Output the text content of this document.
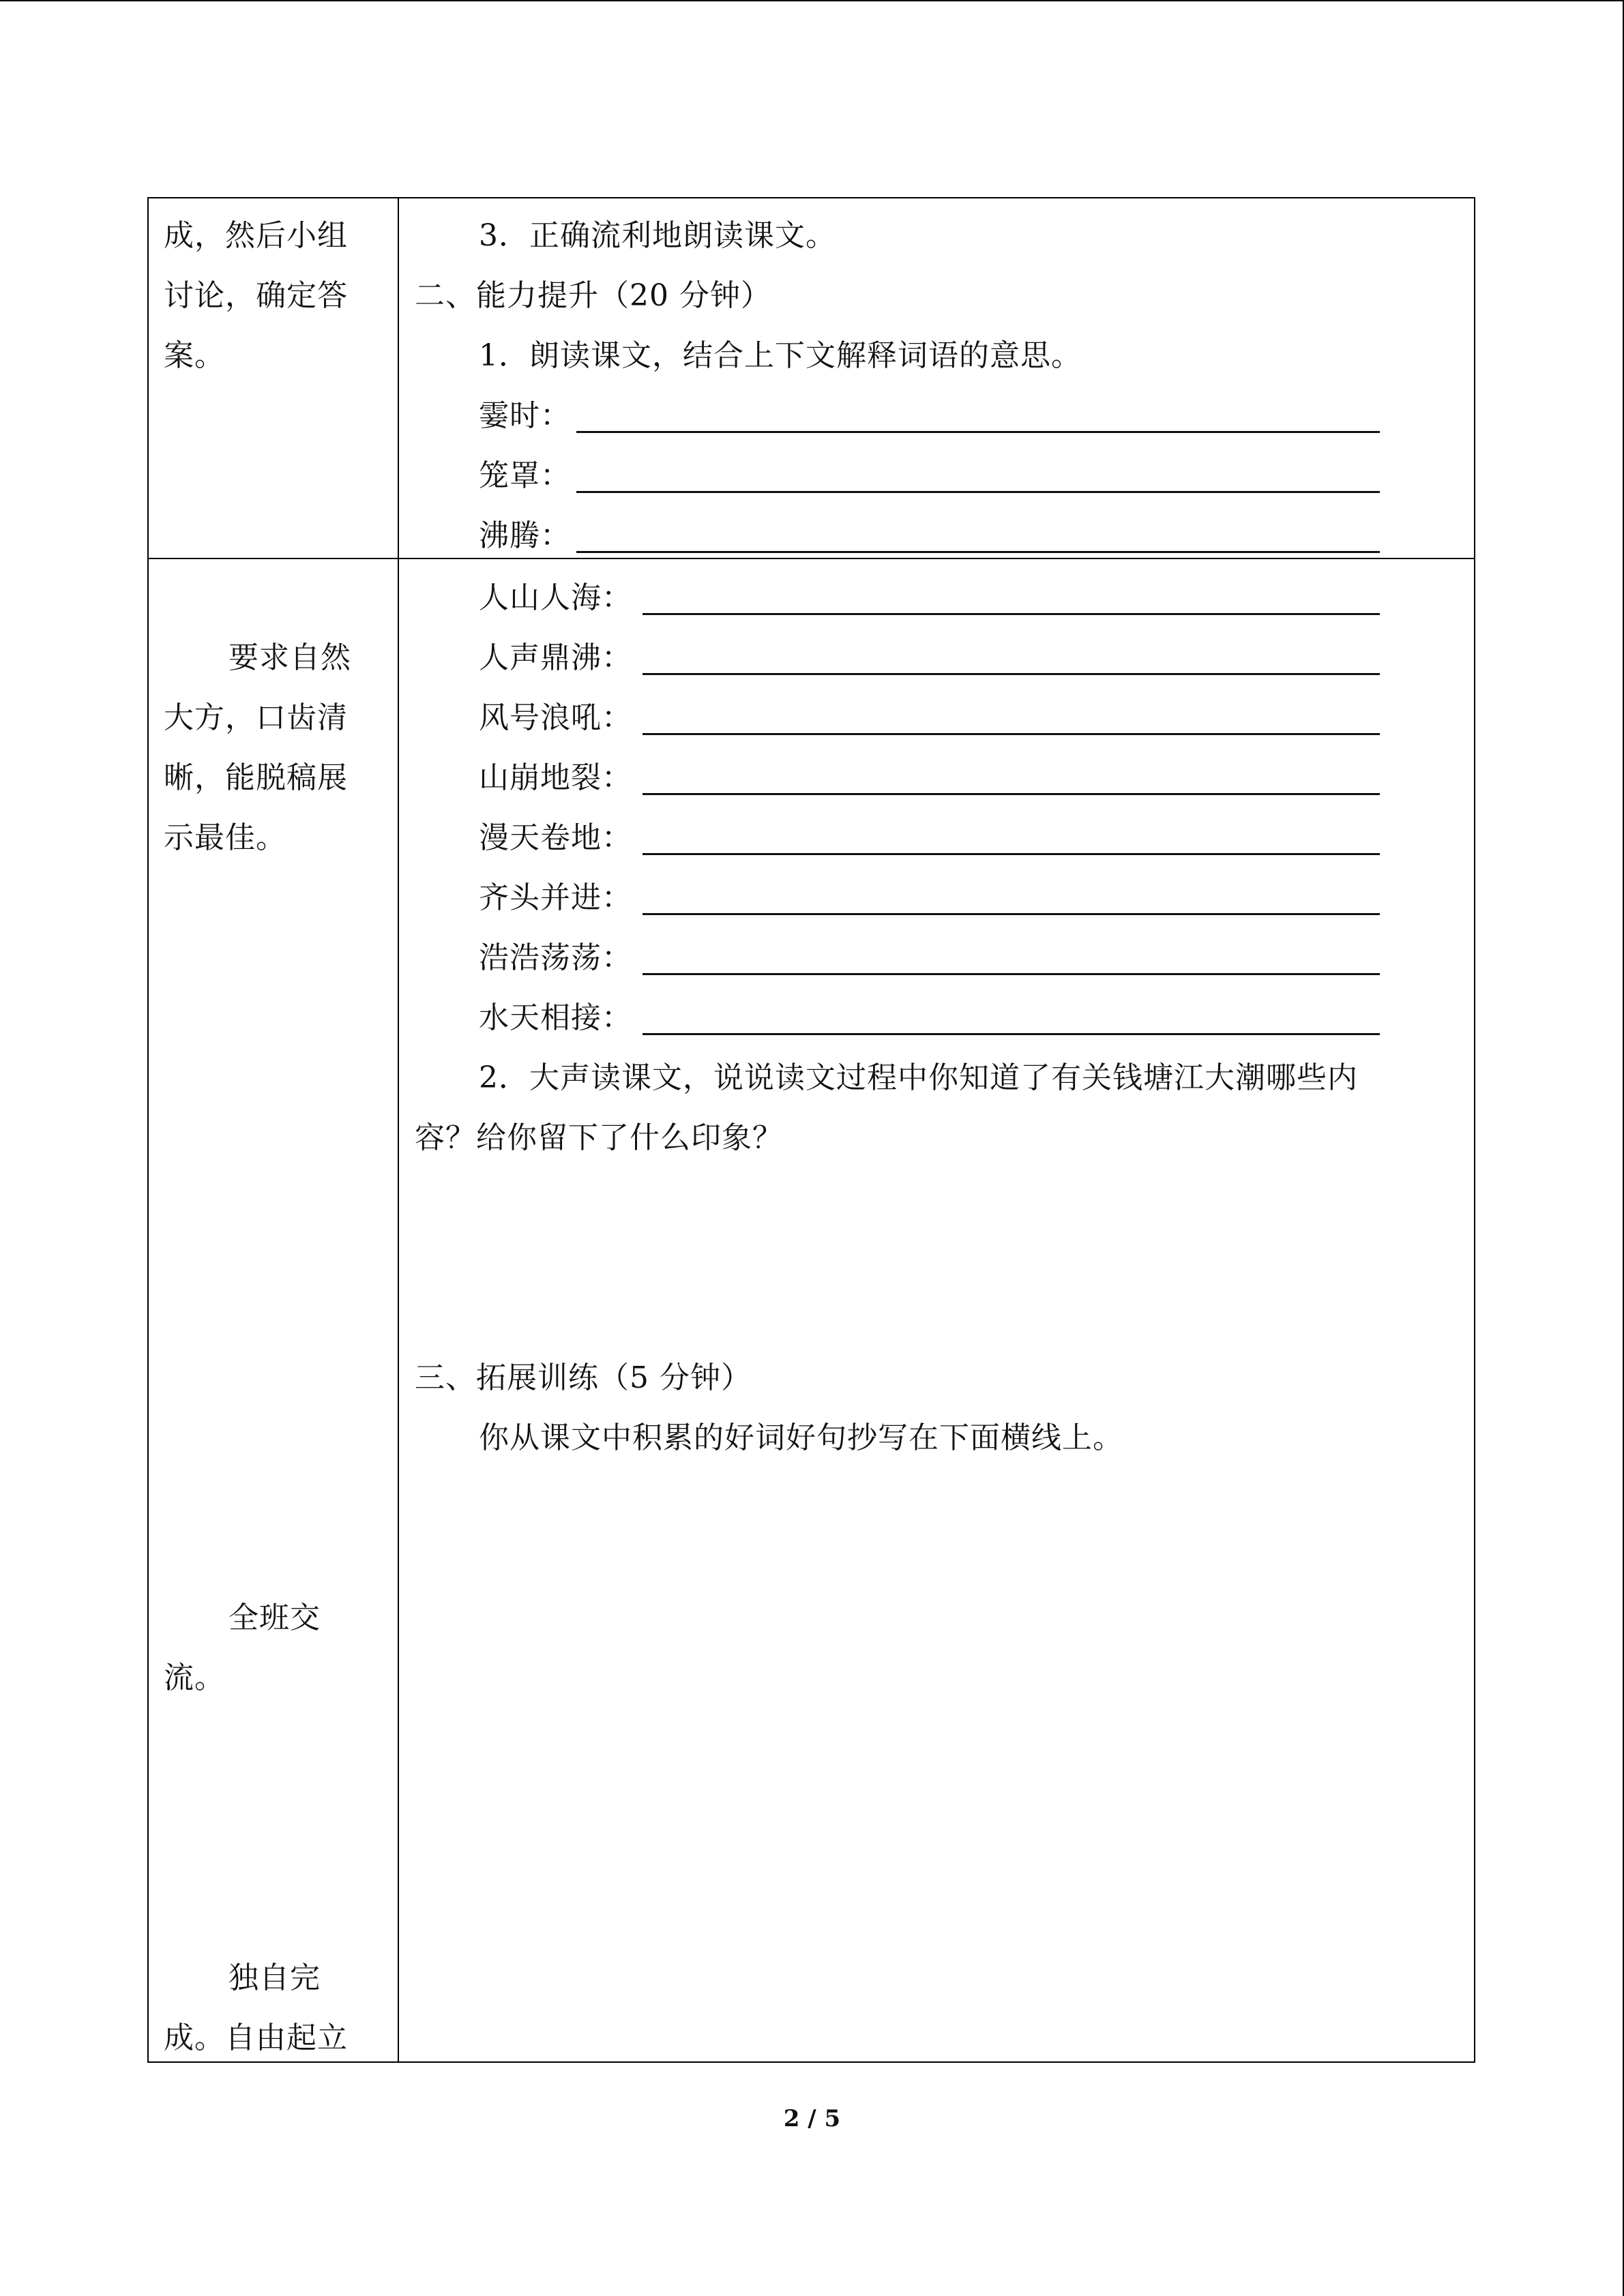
成，然后小组
讨论，确定答
案。
要求自然
大方，口齿清
晰，能脱稿展
示最佳。
全班交
流。
独自完
成。自由起立
3．正确流利地朗读课文。
二、能力提升（20 分钟）
1．朗读课文，结合上下文解释词语的意思。
霎时：
笼罩：
沸腾：
人山人海：
人声鼎沸：
风号浪吼：
山崩地裂：
漫天卷地：
齐头并进：
浩浩荡荡：
水天相接：
2．大声读课文，说说读文过程中你知道了有关钱塘江大潮哪些内
容？给你留下了什么印象？
三、拓展训练（5 分钟）
你从课文中积累的好词好句抄写在下面横线上。
2 / 5
